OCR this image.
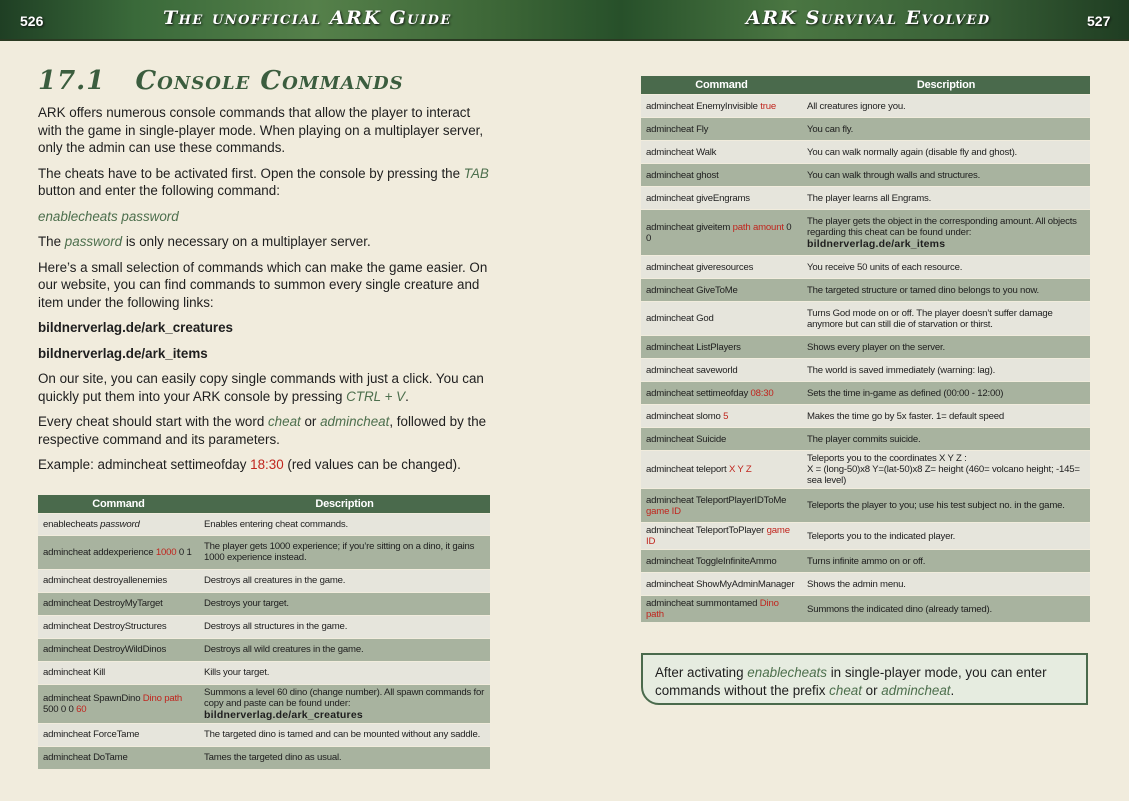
526	The unofficial ARK Guide	ARK Survival Evolved	527
17.1   Console Commands

ARK offers numerous console commands that allow the player to interact with the game in single-player mode. When playing on a multiplayer server, only the admin can use these commands.

The cheats have to be activated first. Open the console by pressing the TAB button and enter the following command:

enablecheats password

The password is only necessary on a multiplayer server.

Here’s a small selection of commands which can make the game easier. On our website, you can find commands to summon every single creature and item under the following links:

bildnerverlag.de/ark_creatures

bildnerverlag.de/ark_items

On our site, you can easily copy single commands with just a click. You can quickly put them into your ARK console by pressing CTRL + V.

Every cheat should start with the word cheat or admincheat, followed by the respective command and its parameters.

Example: admincheat settimeofday 18:30 (red values can be changed).

Command	Description
enablecheats password	Enables entering cheat commands.
admincheat addexperience 1000 0 1	The player gets 1000 experience; if you’re sitting on a dino, it gains 1000 experience instead.
admincheat destroyallenemies	Destroys all creatures in the game.
admincheat DestroyMyTarget	Destroys your target.
admincheat DestroyStructures	Destroys all structures in the game.
admincheat DestroyWildDinos	Destroys all wild creatures in the game.
admincheat Kill	Kills your target.
admincheat SpawnDino Dino path 500 0 0 60	Summons a level 60 dino (change number). All spawn commands for copy and paste can be found under: bildnerverlag.de/ark_creatures
admincheat ForceTame	The targeted dino is tamed and can be mounted without any saddle.
admincheat DoTame	Tames the targeted dino as usual.
Command	Description
admincheat EnemyInvisible true	All creatures ignore you.
admincheat Fly	You can fly.
admincheat Walk	You can walk normally again (disable fly and ghost).
admincheat ghost	You can walk through walls and structures.
admincheat giveEngrams	The player learns all Engrams.
admincheat giveitem path amount 0 0	The player gets the object in the corresponding amount. All objects regarding this cheat can be found under:
bildnerverlag.de/ark_items
admincheat giveresources	You receive 50 units of each resource.
admincheat GiveToMe	The targeted structure or tamed dino belongs to you now.
admincheat God	Turns God mode on or off. The player doesn’t suffer damage anymore but can still die of starvation or thirst.
admincheat ListPlayers	Shows every player on the server.
admincheat saveworld	The world is saved immediately (warning: lag).
admincheat settimeofday 08:30	Sets the time in-game as defined (00:00 - 12:00)
admincheat slomo 5	Makes the time go by 5x faster. 1= default speed
admincheat Suicide	The player commits suicide.
admincheat teleport X Y Z	Teleports you to the coordinates X Y Z :
X = (long-50)x8 Y=(lat-50)x8 Z= height (460= volcano height; -145= sea level)
admincheat TeleportPlayerIDToMe game ID	Teleports the player to you; use his test subject no. in the game.
admincheat TeleportToPlayer game ID	Teleports you to the indicated player.
admincheat ToggleInfiniteAmmo	Turns infinite ammo on or off.
admincheat ShowMyAdminManager	Shows the admin menu.
admincheat summontamed Dino path	Summons the indicated dino (already tamed).
After activating enablecheats in single-player mode, you can enter commands without the prefix cheat or admincheat.
